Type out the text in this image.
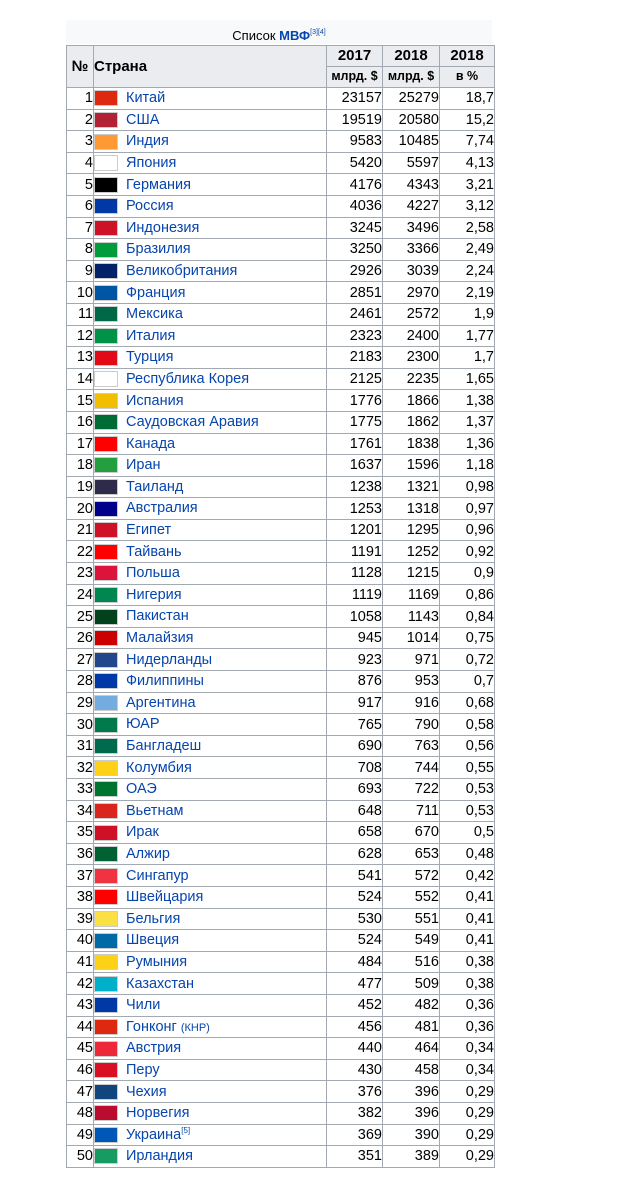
Список МВФ[3][4]
№	Страна	2017	2018	2018
		млрд. $	млрд. $	в %
1	Китай	23157	25279	18,7
2	США	19519	20580	15,2
3	Индия	9583	10485	7,74
4	Япония	5420	5597	4,13
5	Германия	4176	4343	3,21
6	Россия	4036	4227	3,12
7	Индонезия	3245	3496	2,58
8	Бразилия	3250	3366	2,49
9	Великобритания	2926	3039	2,24
10	Франция	2851	2970	2,19
11	Мексика	2461	2572	1,9
12	Италия	2323	2400	1,77
13	Турция	2183	2300	1,7
14	Республика Корея	2125	2235	1,65
15	Испания	1776	1866	1,38
16	Саудовская Аравия	1775	1862	1,37
17	Канада	1761	1838	1,36
18	Иран	1637	1596	1,18
19	Таиланд	1238	1321	0,98
20	Австралия	1253	1318	0,97
21	Египет	1201	1295	0,96
22	Тайвань	1191	1252	0,92
23	Польша	1128	1215	0,9
24	Нигерия	1119	1169	0,86
25	Пакистан	1058	1143	0,84
26	Малайзия	945	1014	0,75
27	Нидерланды	923	971	0,72
28	Филиппины	876	953	0,7
29	Аргентина	917	916	0,68
30	ЮАР	765	790	0,58
31	Бангладеш	690	763	0,56
32	Колумбия	708	744	0,55
33	ОАЭ	693	722	0,53
34	Вьетнам	648	711	0,53
35	Ирак	658	670	0,5
36	Алжир	628	653	0,48
37	Сингапур	541	572	0,42
38	Швейцария	524	552	0,41
39	Бельгия	530	551	0,41
40	Швеция	524	549	0,41
41	Румыния	484	516	0,38
42	Казахстан	477	509	0,38
43	Чили	452	482	0,36
44	Гонконг (КНР)	456	481	0,36
45	Австрия	440	464	0,34
46	Перу	430	458	0,34
47	Чехия	376	396	0,29
48	Норвегия	382	396	0,29
49	Украина[5]	369	390	0,29
50	Ирландия	351	389	0,29
